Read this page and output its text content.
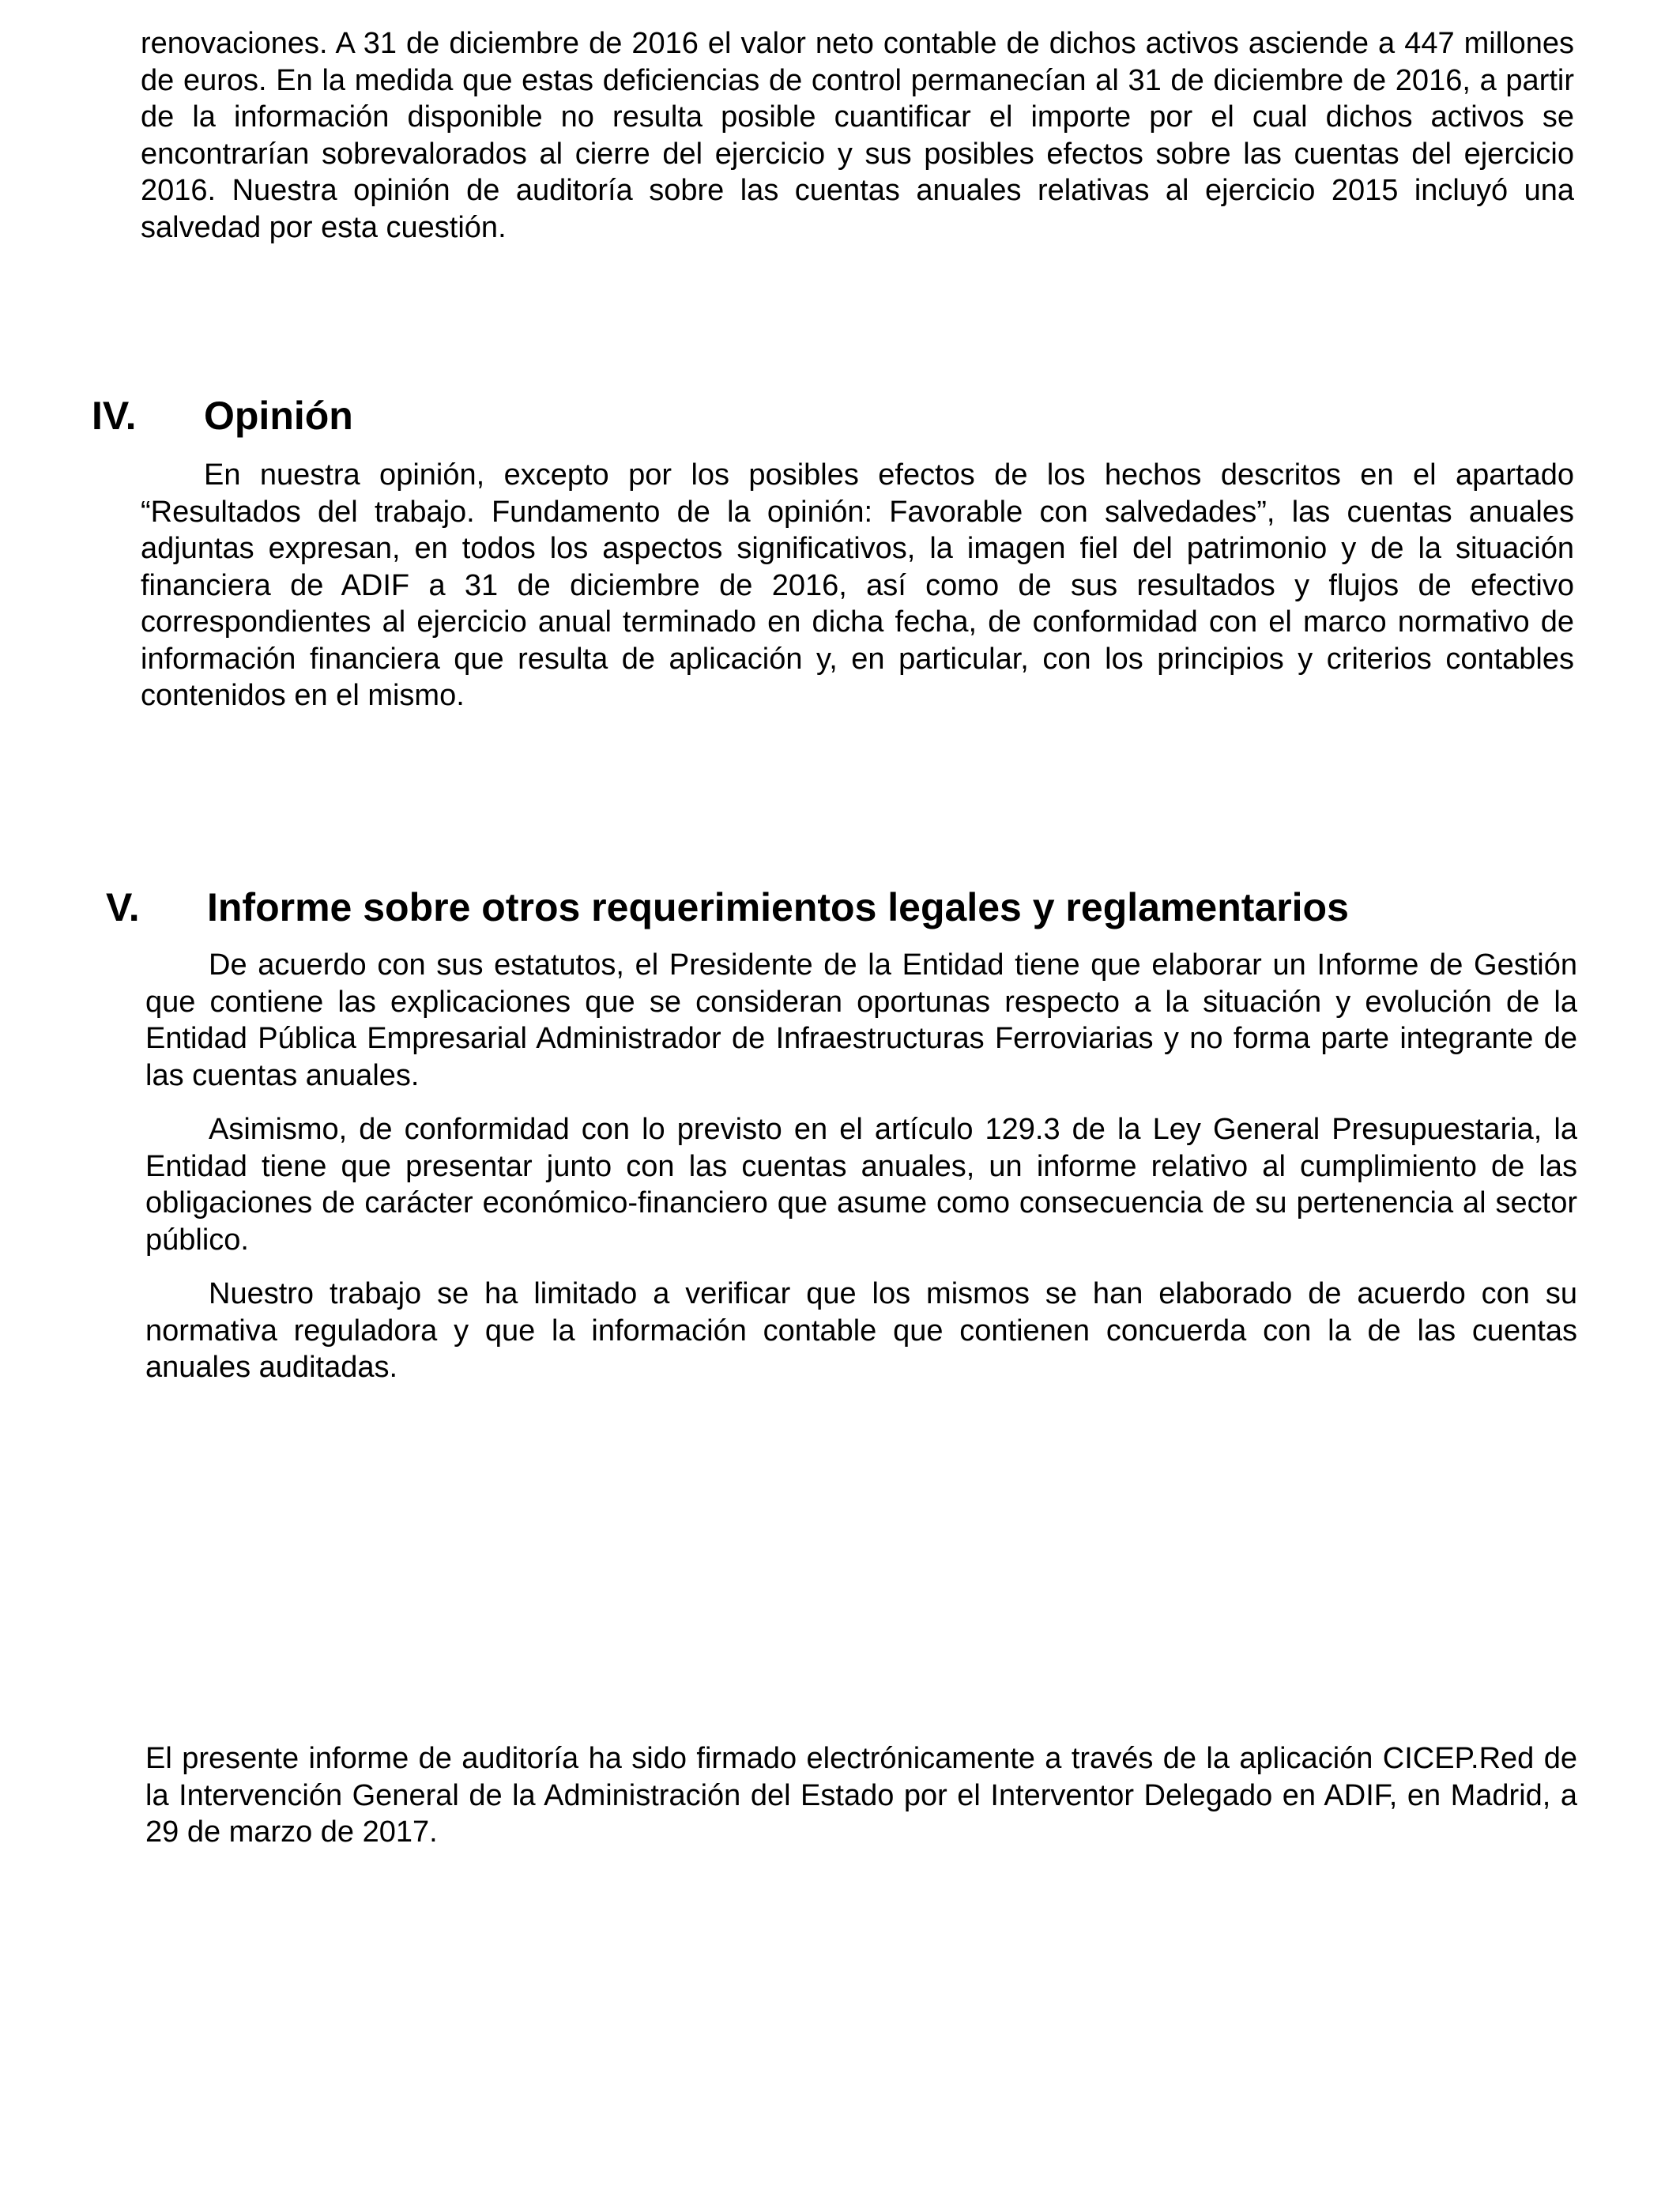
renovaciones. A 31 de diciembre de 2016 el valor neto contable de dichos activos asciende a 447 millones de euros. En la medida que estas deficiencias de control permanecían al 31 de diciembre de 2016, a partir de la información disponible no resulta posible cuantificar el importe por el cual dichos activos se encontrarían sobrevalorados al cierre del ejercicio y sus posibles efectos sobre las cuentas del ejercicio 2016. Nuestra opinión de auditoría sobre las cuentas anuales relativas al ejercicio 2015 incluyó una salvedad por esta cuestión.

IV. Opinión

En nuestra opinión, excepto por los posibles efectos de los hechos descritos en el apartado “Resultados del trabajo. Fundamento de la opinión: Favorable con salvedades”, las cuentas anuales adjuntas expresan, en todos los aspectos significativos, la imagen fiel del patrimonio y de la situación financiera de ADIF a 31 de diciembre de 2016, así como de sus resultados y flujos de efectivo correspondientes al ejercicio anual terminado en dicha fecha, de conformidad con el marco normativo de información financiera que resulta de aplicación y, en particular, con los principios y criterios contables contenidos en el mismo.

V. Informe sobre otros requerimientos legales y reglamentarios

De acuerdo con sus estatutos, el Presidente de la Entidad tiene que elaborar un Informe de Gestión que contiene las explicaciones que se consideran oportunas respecto a la situación y evolución de la Entidad Pública Empresarial Administrador de Infraestructuras Ferroviarias y no forma parte integrante de las cuentas anuales.

Asimismo, de conformidad con lo previsto en el artículo 129.3 de la Ley General Presupuestaria, la Entidad tiene que presentar junto con las cuentas anuales, un informe relativo al cumplimiento de las obligaciones de carácter económico-financiero que asume como consecuencia de su pertenencia al sector público.

Nuestro trabajo se ha limitado a verificar que los mismos se han elaborado de acuerdo con su normativa reguladora y que la información contable que contienen concuerda con la de las cuentas anuales auditadas.

El presente informe de auditoría ha sido firmado electrónicamente a través de la aplicación CICEP.Red de la Intervención General de la Administración del Estado por el Interventor Delegado en ADIF, en Madrid, a 29 de marzo de 2017.
